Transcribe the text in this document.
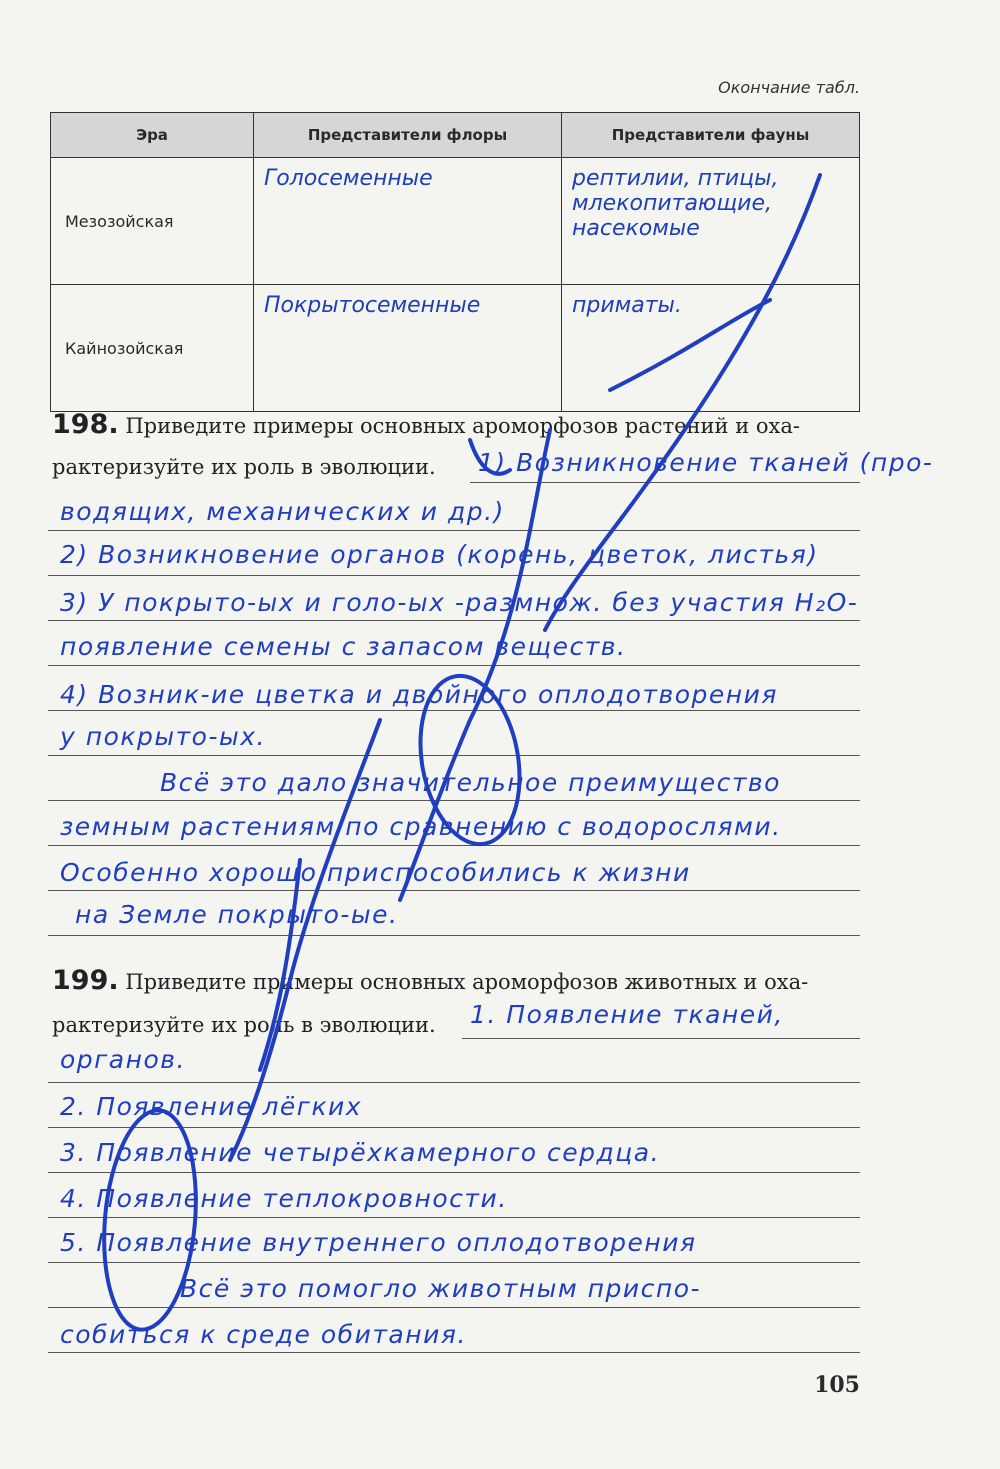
Окончание табл.
Эра	Представители флоры	Представители фауны
Мезозойская	Голосеменные	рептилии, птицы, млекопитающие, насекомые
Кайнозойская	Покрытосеменные	приматы.
198. Приведите примеры основных ароморфозов растений и оха-
рактеризуйте их роль в эволюции. 1) Возникновение тканей (про-
водящих, механических и др.)
2) Возникновение органов (корень, цветок, листья)
3) У покрыто-ых и голо-ых -размнож. без участия H₂O-
появление семены с запасом веществ.
4) Возник-ие цветка и двойного оплодотворения
у покрыто-ых.
Всё это дало значительное преимущество
земным растениям по сравнению с водорослями.
Особенно хорошо приспособились к жизни
на Земле покрыто-ые.
199. Приведите примеры основных ароморфозов животных и оха-
рактеризуйте их роль в эволюции. 1. Появление тканей,
органов.
2. Появление лёгких
3. Появление четырёхкамерного сердца.
4. Появление теплокровности.
5. Появление внутреннего оплодотворения
Всё это помогло животным приспо-
собиться к среде обитания.
105
